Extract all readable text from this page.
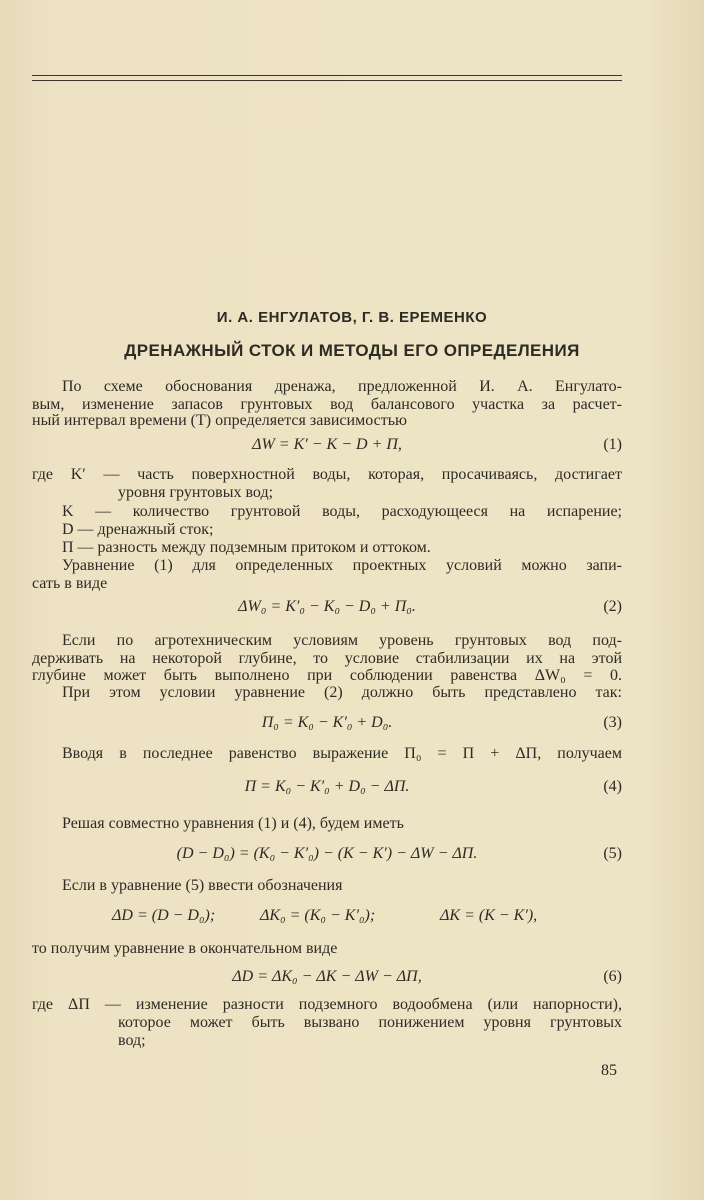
И. А. ЕНГУЛАТОВ, Г. В. ЕРЕМЕНКО
ДРЕНАЖНЫЙ СТОК И МЕТОДЫ ЕГО ОПРЕДЕЛЕНИЯ
По схеме обоснования дренажа, предложенной И. А. Енгулато-
вым, изменение запасов грунтовых вод балансового участка за расчет-
ный интервал времени (T) определяется зависимостью
ΔW = K′ − K − D + П,	(1)
где K′ — часть поверхностной воды, которая, просачиваясь, достигает
уровня грунтовых вод;
K — количество грунтовой воды, расходующееся на испарение;
D — дренажный сток;
П — разность между подземным притоком и оттоком.
Уравнение (1) для определенных проектных условий можно запи-
сать в виде
ΔW₀ = K′₀ − K₀ − D₀ + П₀.	(2)
Если по агротехническим условиям уровень грунтовых вод под-
держивать на некоторой глубине, то условие стабилизации их на этой
глубине может быть выполнено при соблюдении равенства ΔW₀ = 0.
При этом условии уравнение (2) должно быть представлено так:
П₀ = K₀ − K′₀ + D₀.	(3)
Вводя в последнее равенство выражение П₀ = П + ΔП, получаем
П = K₀ − K′₀ + D₀ − ΔП.	(4)
Решая совместно уравнения (1) и (4), будем иметь
(D − D₀) = (K₀ − K′₀) − (K − K′) − ΔW − ΔП.	(5)
Если в уравнение (5) ввести обозначения
ΔD = (D − D₀);	ΔK₀ = (K₀ − K′₀);	ΔK = (K − K′),
то получим уравнение в окончательном виде
ΔD = ΔK₀ − ΔK − ΔW − ΔП,	(6)
где ΔП — изменение разности подземного водообмена (или напорности),
которое может быть вызвано понижением уровня грунтовых
вод;
85
